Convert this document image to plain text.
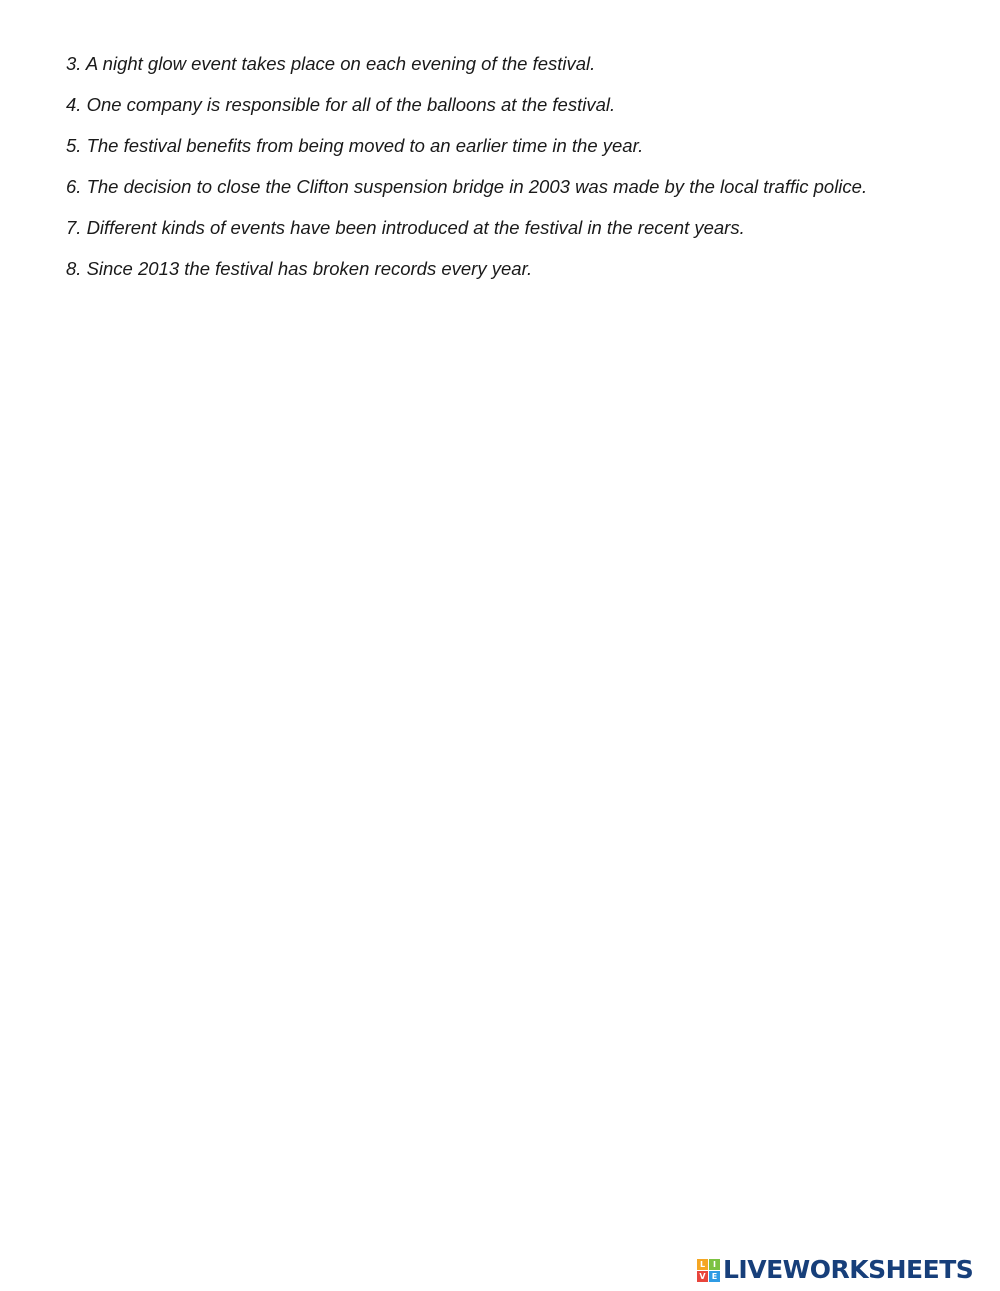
3. A night glow event takes place on each evening of the festival.
4. One company is responsible for all of the balloons at the festival.
5. The festival benefits from being moved to an earlier time in the year.
6. The decision to close the Clifton suspension bridge in 2003 was made by the local traffic police.
7. Different kinds of events have been introduced at the festival in the recent years.
8. Since 2013 the festival has broken records every year.
L I
V E LIVEWORKSHEETS
